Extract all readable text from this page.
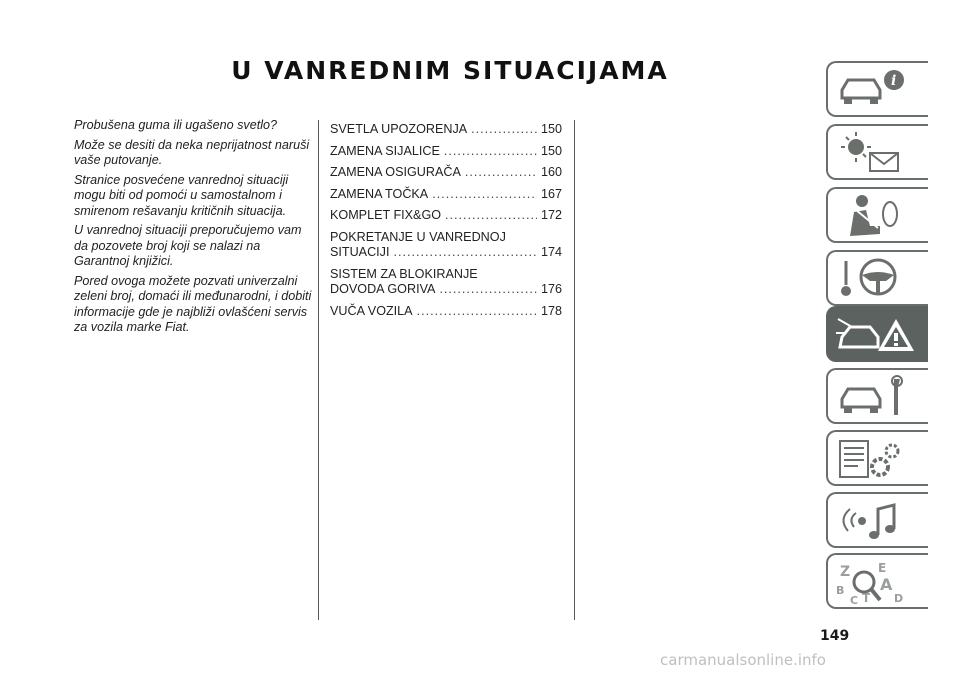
U VANREDNIM SITUACIJAMA

Probušena guma ili ugašeno svetlo?

Može se desiti da neka neprijatnost naruši vaše putovanje.

Stranice posvećene vanrednoj situaciji mogu biti od pomoći u samostalnom i smirenom rešavanju kritičnih situacija.

U vanrednoj situaciji preporučujemo vam da pozovete broj koji se nalazi na Garantnoj knjižici.

Pored ovoga možete pozvati univerzalni zeleni broj, domaći ili međunarodni, i dobiti informacije gde je najbliži ovlašćeni servis za vozila marke Fiat.

SVETLA UPOZORENJA .....	150
ZAMENA SIJALICE .....	150
ZAMENA OSIGURAČA .....	160
ZAMENA TOČKA .....	167
KOMPLET FIX&GO .....	172
POKRETANJE U VANREDNOJ
SITUACIJI .....	174
SISTEM ZA BLOKIRANJE
DOVODA GORIVA .....	176
VUČA VOZILA .....	178
149
carmanualsonline.info
i
Z E
B A
C T D
